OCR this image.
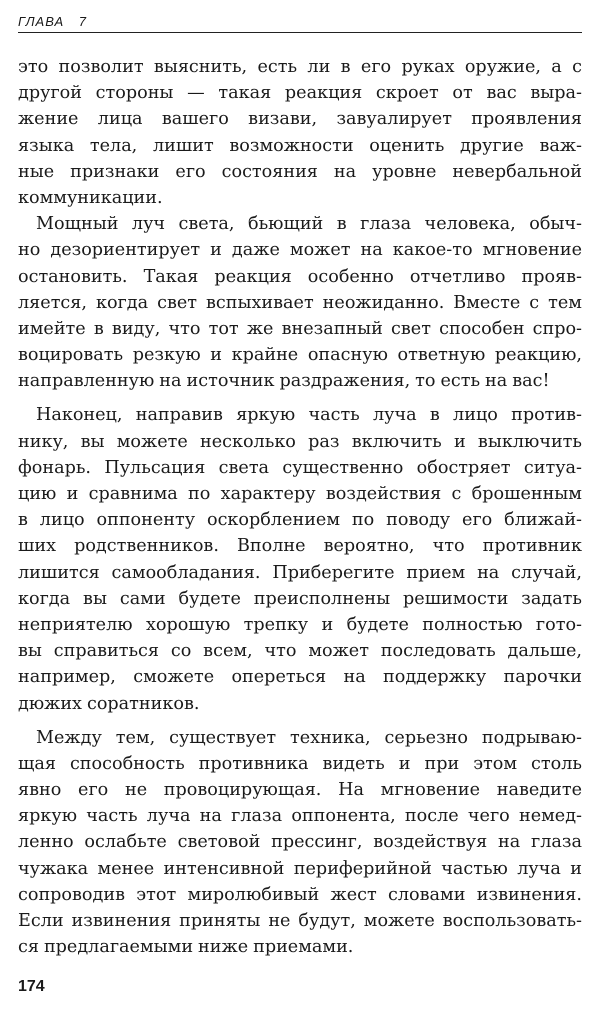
ГЛАВА 7
это позволит выяснить, есть ли в его руках оружие, а с
другой стороны — такая реакция скроет от вас выра-
жение лица вашего визави, завуалирует проявления
языка тела, лишит возможности оценить другие важ-
ные признаки его состояния на уровне невербальной
коммуникации.
Мощный луч света, бьющий в глаза человека, обыч-
но дезориентирует и даже может на какое-то мгновение
остановить. Такая реакция особенно отчетливо прояв-
ляется, когда свет вспыхивает неожиданно. Вместе с тем
имейте в виду, что тот же внезапный свет способен спро-
воцировать резкую и крайне опасную ответную реакцию,
направленную на источник раздражения, то есть на вас!
Наконец, направив яркую часть луча в лицо против-
нику, вы можете несколько раз включить и выключить
фонарь. Пульсация света существенно обостряет ситуа-
цию и сравнима по характеру воздействия с брошенным
в лицо оппоненту оскорблением по поводу его ближай-
ших родственников. Вполне вероятно, что противник
лишится самообладания. Приберегите прием на случай,
когда вы сами будете преисполнены решимости задать
неприятелю хорошую трепку и будете полностью гото-
вы справиться со всем, что может последовать дальше,
например, сможете опереться на поддержку парочки
дюжих соратников.
Между тем, существует техника, серьезно подрываю-
щая способность противника видеть и при этом столь
явно его не провоцирующая. На мгновение наведите
яркую часть луча на глаза оппонента, после чего немед-
ленно ослабьте световой прессинг, воздействуя на глаза
чужака менее интенсивной периферийной частью луча и
сопроводив этот миролюбивый жест словами извинения.
Если извинения приняты не будут, можете воспользовать-
ся предлагаемыми ниже приемами.
174
